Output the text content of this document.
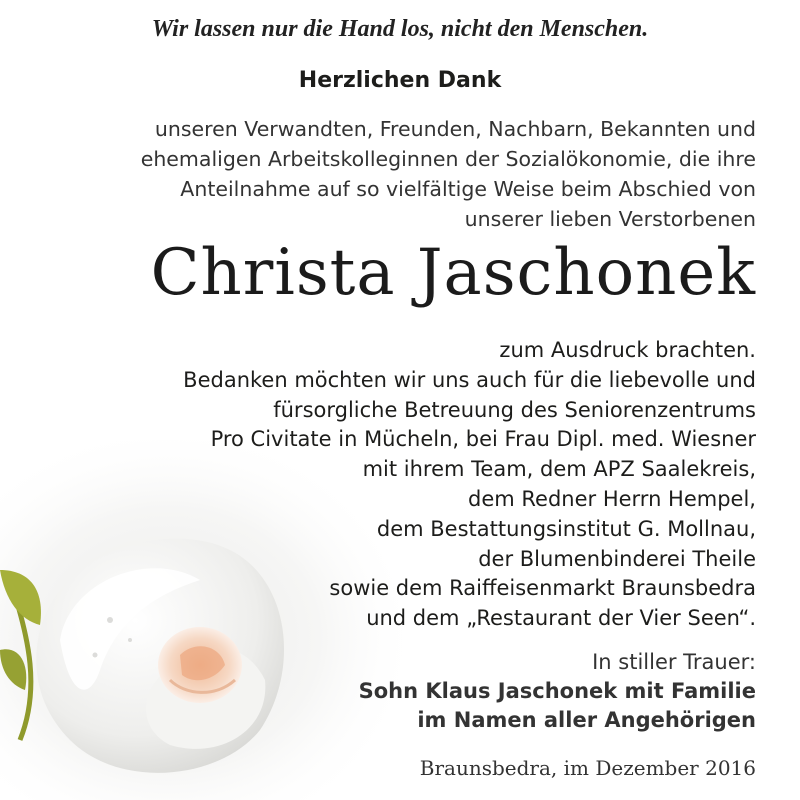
Wir lassen nur die Hand los, nicht den Menschen.
Herzlichen Dank
unseren Verwandten, Freunden, Nachbarn, Bekannten und
ehemaligen Arbeitskolleginnen der Sozialökonomie, die ihre
Anteilnahme auf so vielfältige Weise beim Abschied von
unserer lieben Verstorbenen
Christa Jaschonek
zum Ausdruck brachten.
Bedanken möchten wir uns auch für die liebevolle und
fürsorgliche Betreuung des Seniorenzentrums
Pro Civitate in Mücheln, bei Frau Dipl. med. Wiesner
mit ihrem Team, dem APZ Saalekreis,
dem Redner Herrn Hempel,
dem Bestattungsinstitut G. Mollnau,
der Blumenbinderei Theile
sowie dem Raiffeisenmarkt Braunsbedra
und dem „Restaurant der Vier Seen“.
In stiller Trauer:
Sohn Klaus Jaschonek mit Familie
im Namen aller Angehörigen
Braunsbedra, im Dezember 2016
